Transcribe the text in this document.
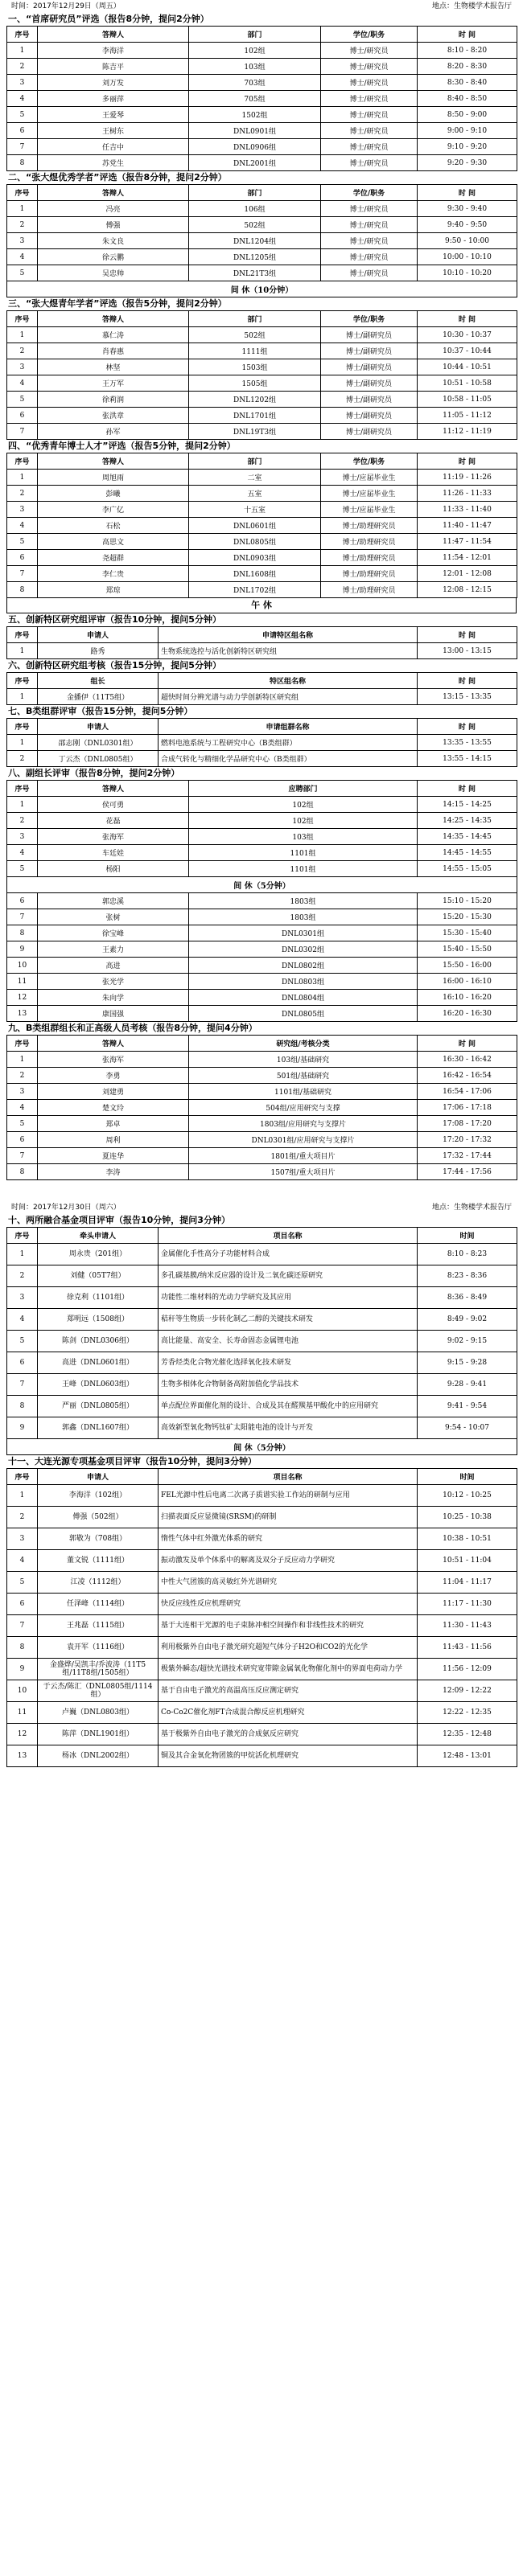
时间：2017年12月29日（周五）	地点：生物楼学术报告厅
一、“首席研究员”评选（报告8分钟，提问2分钟）
序号	答辩人	部门	学位/职务	时 间
1	李海洋	102组	博士/研究员	8:10 - 8:20
2	陈吉平	103组	博士/研究员	8:20 - 8:30
3	刘万发	703组	博士/研究员	8:30 - 8:40
4	多丽萍	705组	博士/研究员	8:40 - 8:50
5	王爱琴	1502组	博士/研究员	8:50 - 9:00
6	王树东	DNL0901组	博士/研究员	9:00 - 9:10
7	任吉中	DNL0906组	博士/研究员	9:10 - 9:20
8	苏党生	DNL2001组	博士/研究员	9:20 - 9:30
二、“张大煜优秀学者”评选（报告8分钟，提问2分钟）
序号	答辩人	部门	学位/职务	时 间
1	冯亮	106组	博士/研究员	9:30 - 9:40
2	傅强	502组	博士/研究员	9:40 - 9:50
3	朱文良	DNL1204组	博士/研究员	9:50 - 10:00
4	徐云鹏	DNL1205组	博士/研究员	10:00 - 10:10
5	吴忠帅	DNL21T3组	博士/研究员	10:10 - 10:20
间 休（10分钟）				
三、“张大煜青年学者”评选（报告5分钟，提问2分钟）
序号	答辩人	部门	学位/职务	时 间
1	慕仁涛	502组	博士/副研究员	10:30 - 10:37
2	肖春惠	1111组	博士/副研究员	10:37 - 10:44
3	林坚	1503组	博士/副研究员	10:44 - 10:51
4	王万军	1505组	博士/副研究员	10:51 - 10:58
5	徐莉润	DNL1202组	博士/副研究员	10:58 - 11:05
6	张洪章	DNL1701组	博士/副研究员	11:05 - 11:12
7	孙军	DNL19T3组	博士/副研究员	11:12 - 11:19
四、“优秀青年博士人才”评选（报告5分钟，提问2分钟）
序号	答辩人	部门	学位/职务	时 间
1	周旭雨	二室	博士/应届毕业生	11:19 - 11:26
2	彭曦	五室	博士/应届毕业生	11:26 - 11:33
3	李广亿	十五室	博士/应届毕业生	11:33 - 11:40
4	石松	DNL0601组	博士/助理研究员	11:40 - 11:47
5	高思文	DNL0805组	博士/助理研究员	11:47 - 11:54
6	尧超群	DNL0903组	博士/助理研究员	11:54 - 12:01
7	李仁贵	DNL1608组	博士/助理研究员	12:01 - 12:08
8	郑琼	DNL1702组	博士/助理研究员	12:08 - 12:15
午 休
五、创新特区研究组评审（报告10分钟，提问5分钟）
序号	申请人	申请特区组名称	时 间
1	路秀	生物系统选控与活化创新特区研究组	13:00 - 13:15
六、创新特区研究组考核（报告15分钟，提问5分钟）
序号	组长	特区组名称	时 间
1	金播伊（11T5组）	超快时间分辨光谱与动力学创新特区研究组	13:15 - 13:35
七、B类组群评审（报告15分钟，提问5分钟）
序号	申请人	申请组群名称	时 间
1	邵志刚（DNL0301组）	燃料电池系统与工程研究中心（B类组群）	13:35 - 13:55
2	丁云杰（DNL0805组）	合成气转化与精细化学品研究中心（B类组群）	13:55 - 14:15
八、副组长评审（报告8分钟，提问2分钟）
序号	答辩人	应聘部门	时 间
1	侯可勇	102组	14:15 - 14:25
2	花磊	102组	14:25 - 14:35
3	张海军	103组	14:35 - 14:45
4	车廷娃	1101组	14:45 - 14:55
5	杨阳	1101组	14:55 - 15:05
间 休（5分钟）			
6	郭忠溪	1803组	15:10 - 15:20
7	张树	1803组	15:20 - 15:30
8	徐宝峰	DNL0301组	15:30 - 15:40
9	王素力	DNL0302组	15:40 - 15:50
10	高进	DNL0802组	15:50 - 16:00
11	张光学	DNL0803组	16:00 - 16:10
12	朱向学	DNL0804组	16:10 - 16:20
13	康国强	DNL0805组	16:20 - 16:30
九、B类组群组长和正高级人员考核（报告8分钟，提问4分钟）
序号	答辩人	研究组/考核分类	时 间
1	张海军	103组/基础研究	16:30 - 16:42
2	李勇	501组/基础研究	16:42 - 16:54
3	刘建勇	1101组/基础研究	16:54 - 17:06
4	楚文玲	504组/应用研究与支撑	17:06 - 17:18
5	郑卓	1803组/应用研究与支撑片	17:08 - 17:20
6	周利	DNL0301组/应用研究与支撑片	17:20 - 17:32
7	夏连华	1801组/重大项目片	17:32 - 17:44
8	李涛	1507组/重大项目片	17:44 - 17:56
时间：2017年12月30日（周六）	地点：生物楼学术报告厅
十、两所融合基金项目评审（报告10分钟，提问3分钟）
序号	牵头申请人	项目名称	时间
1	周永贵（201组）	金属催化手性高分子功能材料合成	8:10 - 8:23
2	刘健（05T7组）	多孔碳基膜/纳米反应器的设计及二氧化碳还原研究	8:23 - 8:36
3	徐克利（1101组）	功能性二维材料的光动力学研究及其应用	8:36 - 8:49
4	郑明远（1508组）	秸秆等生物质一步转化制乙二醇的关键技术研发	8:49 - 9:02
5	陈剑（DNL0306组）	高比能量、高安全、长寿命固态金属锂电池	9:02 - 9:15
6	高进（DNL0601组）	芳香烃类化合物光催化选择氧化技术研发	9:15 - 9:28
7	王峰（DNL0603组）	生物多相体化合物制备高附加值化学品技术	9:28 - 9:41
8	严丽（DNL0805组）	单点配位界面催化剂的设计、合成及其在醛羰基甲酸化中的应用研究	9:41 - 9:54
9	郭鑫（DNL1607组）	高效新型氧化物钙钛矿太阳能电池的设计与开发	9:54 - 10:07
间 休（5分钟）			
十一、大连光源专项基金项目评审（报告10分钟，提问3分钟）
序号	申请人	项目名称	时间
1	李海洋（102组）	FEL光源中性后电离二次离子质谱实验工作站的研制与应用	10:12 - 10:25
2	傅强（502组）	扫描表面反应显微镜(SRSM)的研制	10:25 - 10:38
3	郭敬为（708组）	惰性气体中红外激光体系的研究	10:38 - 10:51
4	董文锐（1111组）	振动激发及单个体系中的解离及双分子反应动力学研究	10:51 - 11:04
5	江凌（1112组）	中性大气团簇的高灵敏红外光谱研究	11:04 - 11:17
6	任泽峰（1114组）	快反应线性反应机理研究	11:17 - 11:30
7	王兆磊（1115组）	基于大连相干光源的电子束脉冲相空间操作和非线性技术的研究	11:30 - 11:43
8	袁开军（1116组）	利用极紫外自由电子激光研究超短气体分子H2O和CO2的光化学	11:43 - 11:56
9	金盛烨/吴凯丰/乔波涛（11T5组/11T8组/1505组）	极紫外瞬态/超快光谱技术研究宽带隙金属氧化物催化剂中的界面电荷动力学	11:56 - 12:09
10	于云杰/陈汇（DNL0805组/1114组）	基于自由电子激光的高温高压反应测定研究	12:09 - 12:22
11	卢巍（DNL0803组）	Co-Co2C催化剂FT合成混合醇反应机理研究	12:22 - 12:35
12	陈萍（DNL1901组）	基于极紫外自由电子激光的合成氨反应研究	12:35 - 12:48
13	杨冰（DNL2002组）	铜及其合金氧化物团簇的甲烷活化机理研究	12:48 - 13:01
